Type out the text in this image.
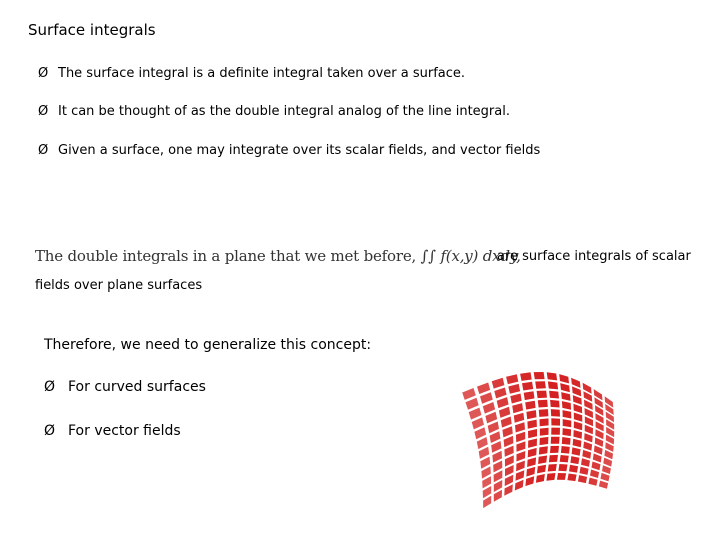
Surface integrals
Ø The surface integral is a definite integral taken over a surface.
Ø It can be thought of as the double integral analog of the line integral.
Ø Given a surface, one may integrate over its scalar fields, and vector fields
The double integrals in a plane that we met before, ∫∫ f(x,y) dxdy,
are surface integrals of scalar
fields over plane surfaces
Therefore, we need to generalize this concept:
Ø For curved surfaces
Ø For vector fields
